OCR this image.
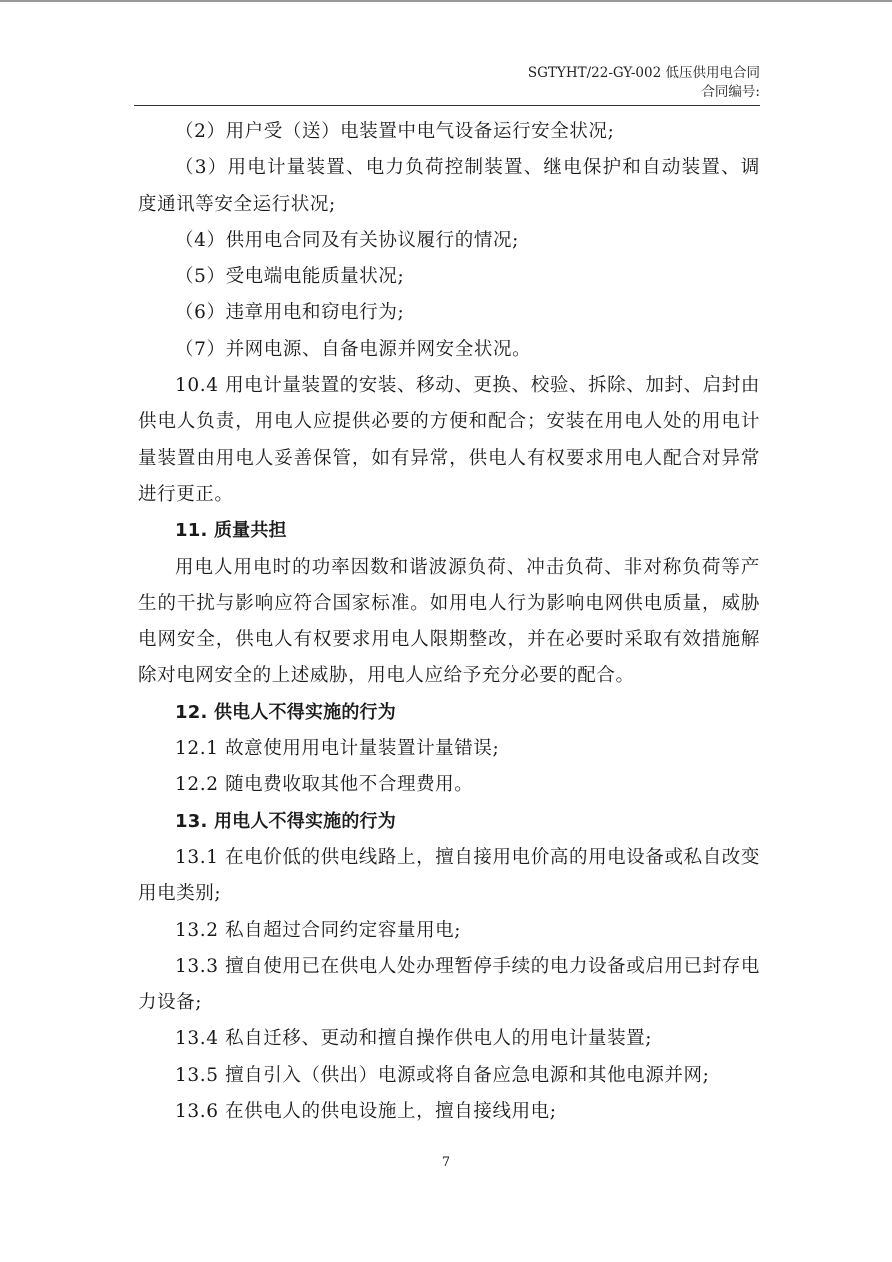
SGTYHT/22-GY-002 低压供用电合同
合同编号:

（2）用户受（送）电装置中电气设备运行安全状况;

（3）用电计量装置、电力负荷控制装置、继电保护和自动装置、调度通讯等安全运行状况;

（4）供用电合同及有关协议履行的情况;

（5）受电端电能质量状况;

（6）违章用电和窃电行为;

（7）并网电源、自备电源并网安全状况。

10.4 用电计量装置的安装、移动、更换、校验、拆除、加封、启封由供电人负责，用电人应提供必要的方便和配合；安装在用电人处的用电计量装置由用电人妥善保管，如有异常，供电人有权要求用电人配合对异常进行更正。

11. 质量共担

用电人用电时的功率因数和谐波源负荷、冲击负荷、非对称负荷等产生的干扰与影响应符合国家标准。如用电人行为影响电网供电质量，威胁电网安全，供电人有权要求用电人限期整改，并在必要时采取有效措施解除对电网安全的上述威胁，用电人应给予充分必要的配合。

12. 供电人不得实施的行为

12.1 故意使用用电计量装置计量错误;

12.2 随电费收取其他不合理费用。

13. 用电人不得实施的行为

13.1 在电价低的供电线路上，擅自接用电价高的用电设备或私自改变用电类别;

13.2 私自超过合同约定容量用电;

13.3 擅自使用已在供电人处办理暂停手续的电力设备或启用已封存电力设备;

13.4 私自迁移、更动和擅自操作供电人的用电计量装置;

13.5 擅自引入（供出）电源或将自备应急电源和其他电源并网;

13.6 在供电人的供电设施上，擅自接线用电;

7
